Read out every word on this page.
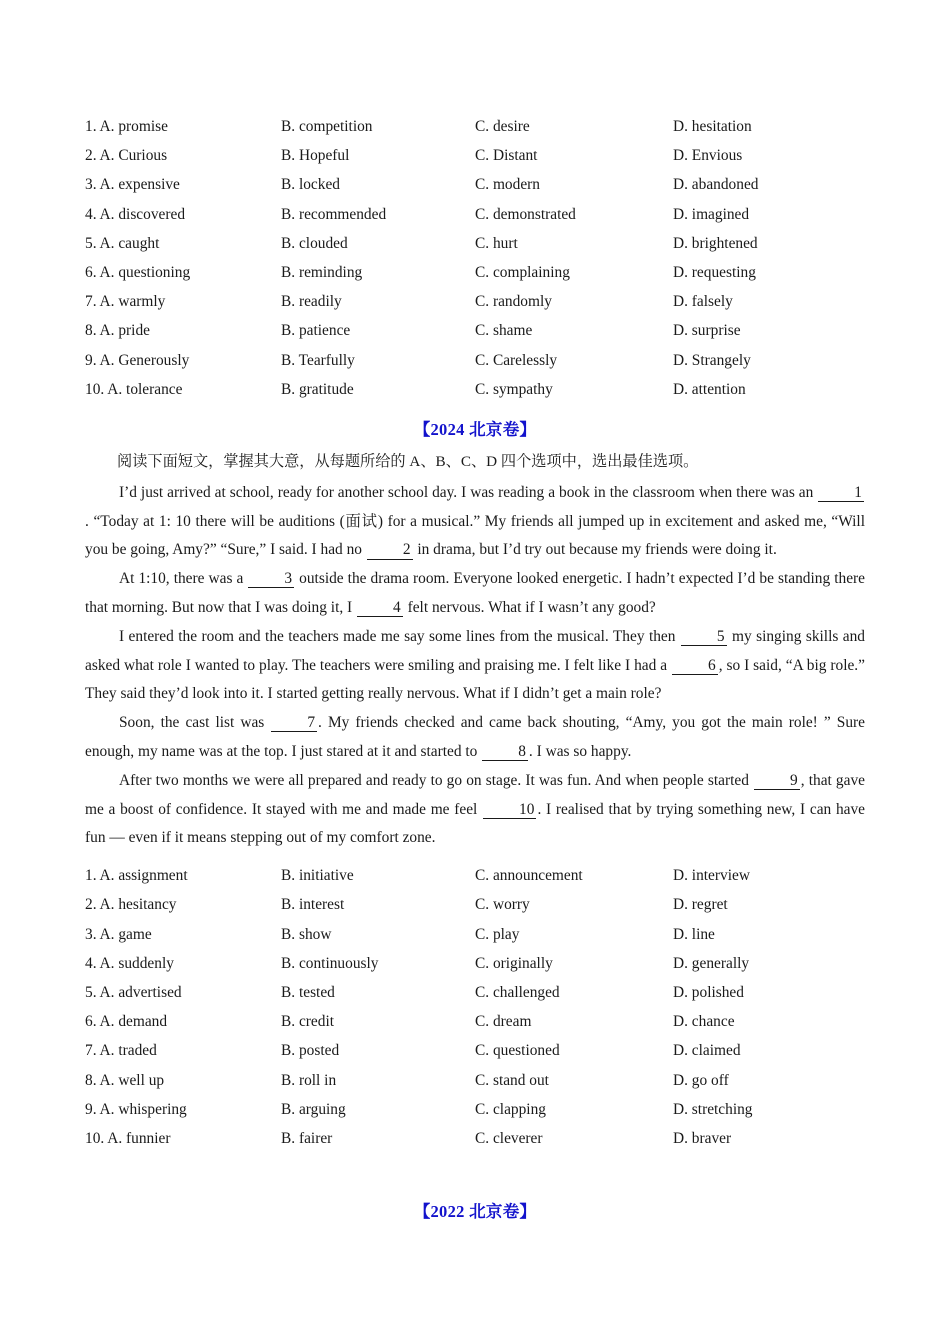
1. A. promise	B. competition	C. desire	D. hesitation
2. A. Curious	B. Hopeful	C. Distant	D. Envious
3. A. expensive	B. locked	C. modern	D. abandoned
4. A. discovered	B. recommended	C. demonstrated	D. imagined
5. A. caught	B. clouded	C. hurt	D. brightened
6. A. questioning	B. reminding	C. complaining	D. requesting
7. A. warmly	B. readily	C. randomly	D. falsely
8. A. pride	B. patience	C. shame	D. surprise
9. A. Generously	B. Tearfully	C. Carelessly	D. Strangely
10. A. tolerance	B. gratitude	C. sympathy	D. attention
【2024 北京卷】
阅读下面短文，掌握其大意，从每题所给的 A、B、C、D 四个选项中，选出最佳选项。

I’d just arrived at school, ready for another school day. I was reading a book in the classroom when there was an 1. “Today at 1: 10 there will be auditions (面试) for a musical.” My friends all jumped up in excitement and asked me, “Will you be going, Amy?” “Sure,” I said. I had no 2 in drama, but I’d try out because my friends were doing it.

At 1:10, there was a 3 outside the drama room. Everyone looked energetic. I hadn’t expected I’d be standing there that morning. But now that I was doing it, I 4 felt nervous. What if I wasn’t any good?

I entered the room and the teachers made me say some lines from the musical. They then 5 my singing skills and asked what role I wanted to play. The teachers were smiling and praising me. I felt like I had a 6 , so I said, “A big role.” They said they’d look into it. I started getting really nervous. What if I didn’t get a main role?

Soon, the cast list was 7 . My friends checked and came back shouting, “Amy, you got the main role! ” Sure enough, my name was at the top. I just stared at it and started to 8 . I was so happy.

After two months we were all prepared and ready to go on stage. It was fun. And when people started 9 , that gave me a boost of confidence. It stayed with me and made me feel 10 . I realised that by trying something new, I can have fun — even if it means stepping out of my comfort zone.

1. A. assignment	B. initiative	C. announcement	D. interview
2. A. hesitancy	B. interest	C. worry	D. regret
3. A. game	B. show	C. play	D. line
4. A. suddenly	B. continuously	C. originally	D. generally
5. A. advertised	B. tested	C. challenged	D. polished
6. A. demand	B. credit	C. dream	D. chance
7. A. traded	B. posted	C. questioned	D. claimed
8. A. well up	B. roll in	C. stand out	D. go off
9. A. whispering	B. arguing	C. clapping	D. stretching
10. A. funnier	B. fairer	C. cleverer	D. braver
【2022 北京卷】
